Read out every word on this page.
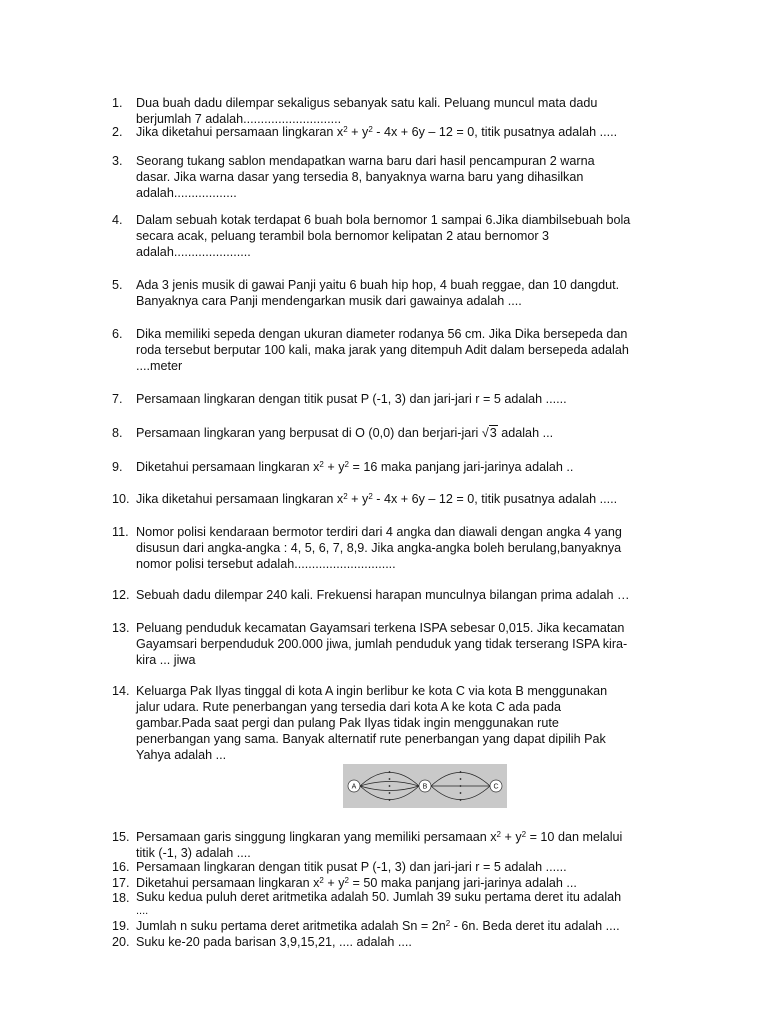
1. Dua buah dadu dilempar sekaligus sebanyak satu kali. Peluang muncul mata dadu
berjumlah 7 adalah............................
2. Jika diketahui persamaan lingkaran $x^2 + y^2 - 4x + 6y - 12 = 0$, titik pusatnya adalah .....
3. Seorang tukang sablon mendapatkan warna baru dari hasil pencampuran 2 warna
dasar. Jika warna dasar yang tersedia 8, banyaknya warna baru yang dihasilkan
adalah..................
4. Dalam sebuah kotak terdapat 6 buah bola bernomor 1 sampai 6.Jika diambilsebuah bola
secara acak, peluang terambil bola bernomor kelipatan 2 atau bernomor 3
adalah......................
5. Ada 3 jenis musik di gawai Panji yaitu 6 buah hip hop, 4 buah reggae, dan 10 dangdut.
Banyaknya cara Panji mendengarkan musik dari gawainya adalah ....
6. Dika memiliki sepeda dengan ukuran diameter rodanya 56 cm. Jika Dika bersepeda dan
roda tersebut berputar 100 kali, maka jarak yang ditempuh Adit dalam bersepeda adalah
....meter
7. Persamaan lingkaran dengan titik pusat P (-1, 3) dan jari-jari r = 5 adalah ......
8. Persamaan lingkaran yang berpusat di O (0,0) dan berjari-jari √3 adalah ...
9. Diketahui persamaan lingkaran $x^2 + y^2 = 16$ maka panjang jari-jarinya adalah ..
10. Jika diketahui persamaan lingkaran $x^2 + y^2 - 4x + 6y - 12 = 0$, titik pusatnya adalah .....
11. Nomor polisi kendaraan bermotor terdiri dari 4 angka dan diawali dengan angka 4 yang
disusun dari angka-angka : 4, 5, 6, 7, 8,9. Jika angka-angka boleh berulang,banyaknya
nomor polisi tersebut adalah.............................
12. Sebuah dadu dilempar 240 kali. Frekuensi harapan munculnya bilangan prima adalah …
13. Peluang penduduk kecamatan Gayamsari terkena ISPA sebesar 0,015. Jika kecamatan
Gayamsari berpenduduk 200.000 jiwa, jumlah penduduk yang tidak terserang ISPA kira-
kira ... jiwa
14. Keluarga Pak Ilyas tinggal di kota A ingin berlibur ke kota C via kota B menggunakan
jalur udara. Rute penerbangan yang tersedia dari kota A ke kota C ada pada
gambar.Pada saat pergi dan pulang Pak Ilyas tidak ingin menggunakan rute
penerbangan yang sama. Banyak alternatif rute penerbangan yang dapat dipilih Pak
Yahya adalah ...
A	B	C
15. Persamaan garis singgung lingkaran yang memiliki persamaan $x^2 + y^2 = 10$ dan melalui
titik (-1, 3) adalah ....
16. Persamaan lingkaran dengan titik pusat P (-1, 3) dan jari-jari r = 5 adalah ......
17. Diketahui persamaan lingkaran $x^2 + y^2 = 50$ maka panjang jari-jarinya adalah ...
18. Suku kedua puluh deret aritmetika adalah 50. Jumlah 39 suku pertama deret itu adalah
....
19. Jumlah n suku pertama deret aritmetika adalah $Sn = 2n^2 - 6n$. Beda deret itu adalah ....
20. Suku ke-20 pada barisan 3,9,15,21, .... adalah ....
